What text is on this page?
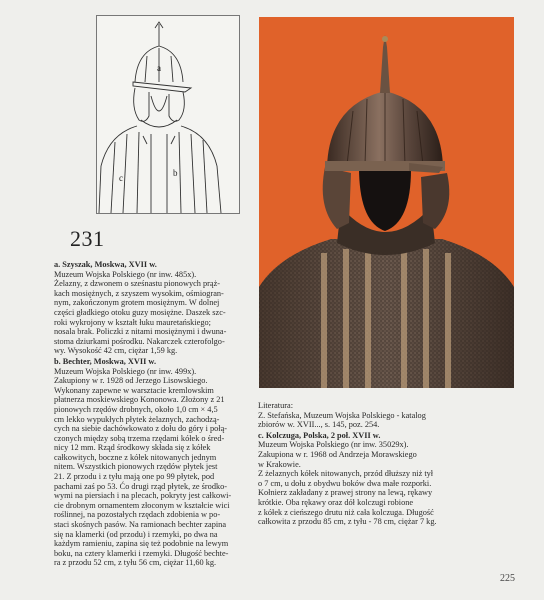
a
b
c
231

a. Szyszak, Moskwa, XVII w.

Muzeum Wojska Polskiego (nr inw. 485x).

Żelazny, z dzwonem o sześnastu pionowych prąż-

kach mosiężnych, z szyszem wysokim, ośmiogran-

nym, zakończonym grotem mosiężnym. W dolnej

części gładkiego otoku guzy mosiężne. Daszek szc-

roki wykrojony w kształt łuku mauretańskiego;

nosala brak. Policzki z nitami mosiężnymi i dwuna-

stoma dziurkami pośrodku. Nakarczek czterofolgo-

wy. Wysokość 42 cm, ciężar 1,59 kg.

b. Bechter, Moskwa, XVII w.

Muzeum Wojska Polskiego (nr inw. 499x).

Zakupiony w r. 1928 od Jerzego Lisowskiego.

Wykonany zapewne w warsztacie kremlowskim

płatnerza moskiewskiego Kononowa. Złożony z 21

pionowych rzędów drobnych, około 1,0 cm × 4,5

cm lekko wypukłych płytek żelaznych, zachodzą-

cych na siebie dachówkowato z dołu do góry i połą-

czonych między sobą trzema rzędami kółek o śred-

nicy 12 mm. Rząd środkowy składa się z kółek

całkowitych, boczne z kółek nitowanych jednym

nitem. Wszystkich pionowych rzędów płytek jest

21. Z przodu i z tyłu mają one po 99 płytek, pod

pachami zaś po 53. Ćo drugi rząd płytek, ze środko-

wymi na piersiach i na plecach, pokryty jest całkowi-

cie drobnym ornamentem złoconym w kształcie wici

roślinnej, na pozostałych rzędach zdobienia w po-

staci skośnych pasów. Na ramionach bechter zapina

się na klamerki (od przodu) i rzemyki, po dwa na

każdym ramieniu, zapina się też podobnie na lewym

boku, na cztery klamerki i rzemyki. Długość bechte-

ra z przodu 52 cm, z tyłu 56 cm, ciężar 11,60 kg.

Literatura:

Z. Stefańska, Muzeum Wojska Polskiego - katalog

zbiorów w. XVII..., s. 145, poz. 254.

c. Kolczuga, Polska, 2 poł. XVII w.

Muzeum Wojska Polskiego (nr inw. 35029x).

Zakupiona w r. 1968 od Andrzeja Morawskiego

w Krakowie.

Z żelaznych kółek nitowanych, przód dłuższy niż tył

o 7 cm, u dołu z obydwu boków dwa małe rozporki.

Kołnierz zakładany z prawej strony na lewą, rękawy

krótkie. Oba rękawy oraz dół kolczugi robione

z kółek z cieńszego drutu niż cała kolczuga. Długość

całkowita z przodu 85 cm, z tyłu - 78 cm, ciężar 7 kg.

225
